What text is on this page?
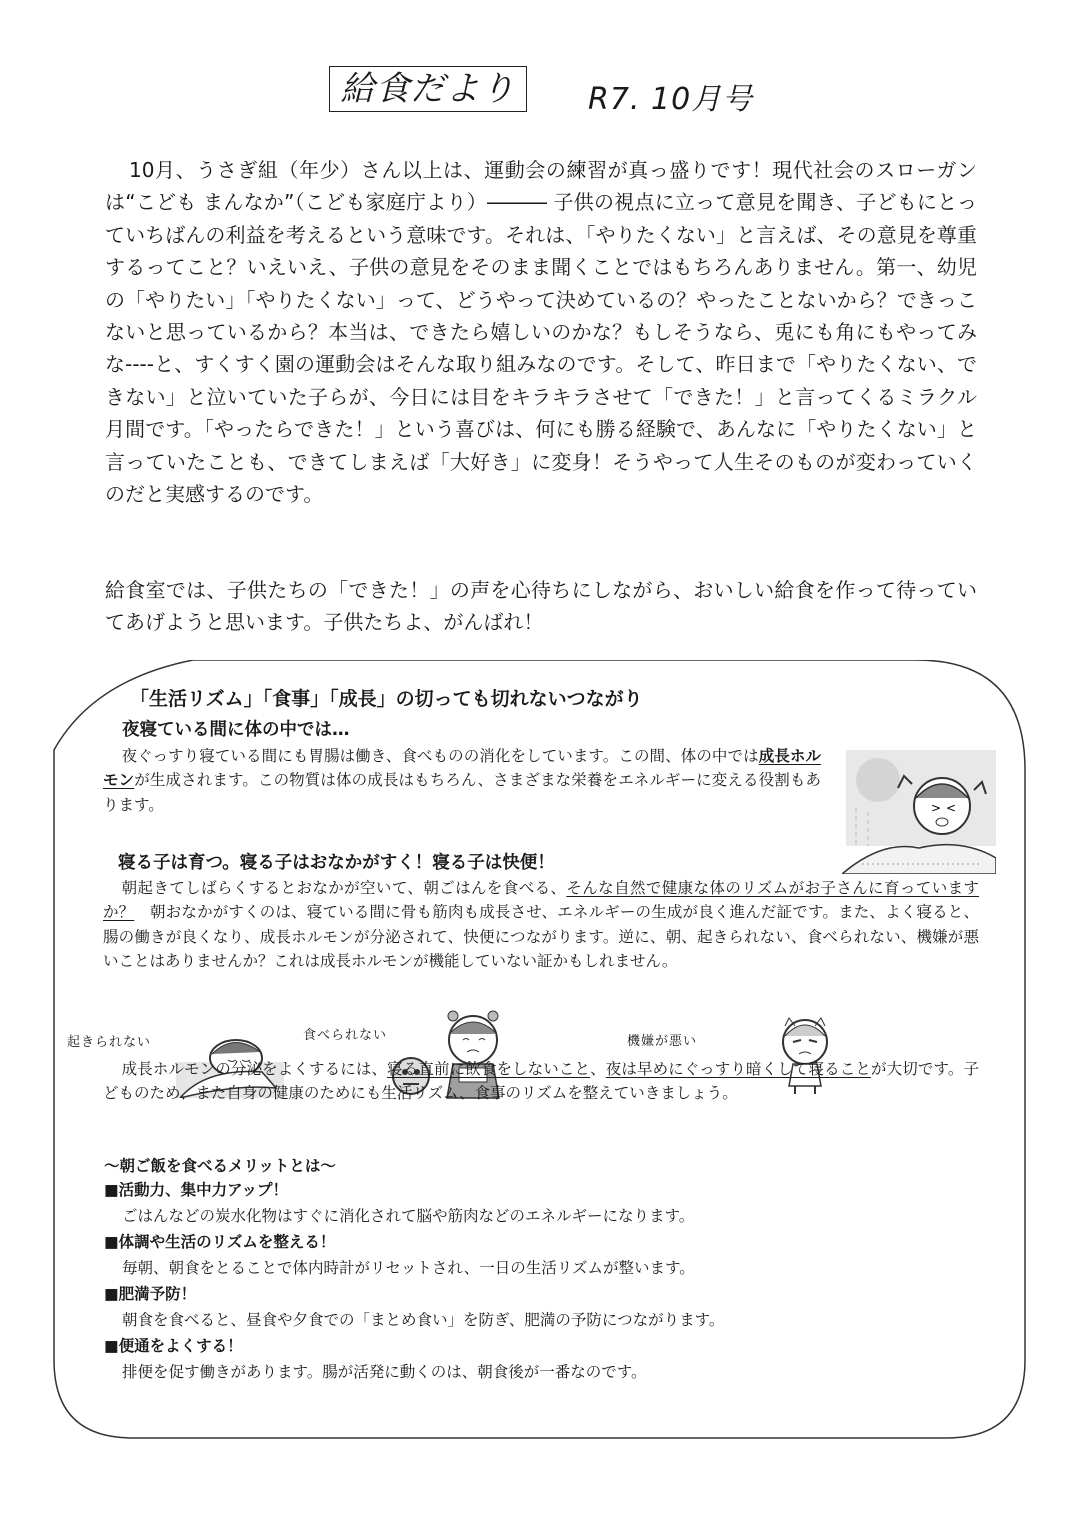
給食だより	R7. 10月号

10月、うさぎ組（年少）さん以上は、運動会の練習が真っ盛りです！現代社会のスローガンは“こども まんなか”（こども家庭庁より）――― 子供の視点に立って意見を聞き、子どもにとっていちばんの利益を考えるという意味です。それは、「やりたくない」と言えば、その意見を尊重するってこと？いえいえ、子供の意見をそのまま聞くことではもちろんありません。第一、幼児の「やりたい」「やりたくない」って、どうやって決めているの？やったことないから？できっこないと思っているから？本当は、できたら嬉しいのかな？もしそうなら、兎にも角にもやってみな----と、すくすく園の運動会はそんな取り組みなのです。そして、昨日まで「やりたくない、できない」と泣いていた子らが、今日には目をキラキラさせて「できた！」と言ってくるミラクル月間です。「やったらできた！」という喜びは、何にも勝る経験で、あんなに「やりたくない」と言っていたことも、できてしまえば「大好き」に変身！そうやって人生そのものが変わっていくのだと実感するのです。

給食室では、子供たちの「できた！」の声を心待ちにしながら、おいしい給食を作って待っていてあげようと思います。子供たちよ、がんばれ！

「生活リズム」「食事」「成長」の切っても切れないつながり
夜寝ている間に体の中では…

夜ぐっすり寝ている間にも胃腸は働き、食べものの消化をしています。この間、体の中では成長ホルモンが生成されます。この物質は体の成長はもちろん、さまざまな栄養をエネルギーに変える役割もあります。	> <
寝る子は育つ。寝る子はおなかがすく！寝る子は快便！

朝起きてしばらくするとおなかが空いて、朝ごはんを食べる、そんな自然で健康な体のリズムがお子さんに育っていますか？　朝おなかがすくのは、寝ている間に骨も筋肉も成長させ、エネルギーの生成が良く進んだ証です。また、よく寝ると、腸の働きが良くなり、成長ホルモンが分泌されて、快便につながります。逆に、朝、起きられない、食べられない、機嫌が悪いことはありませんか？これは成長ホルモンが機能していない証かもしれません。

起きられない	食べられない	機嫌が悪い

成長ホルモンの分泌をよくするには、寝る直前に飲食をしないこと、夜は早めにぐっすり暗くして寝ることが大切です。子どものため、また自身の健康のためにも生活リズム、食事のリズムを整えていきましょう。

～朝ご飯を食べるメリットとは～
■活動力、集中力アップ！
ごはんなどの炭水化物はすぐに消化されて脳や筋肉などのエネルギーになります。
■体調や生活のリズムを整える！
毎朝、朝食をとることで体内時計がリセットされ、一日の生活リズムが整います。
■肥満予防！
朝食を食べると、昼食や夕食での「まとめ食い」を防ぎ、肥満の予防につながります。
■便通をよくする！
排便を促す働きがあります。腸が活発に動くのは、朝食後が一番なのです。
